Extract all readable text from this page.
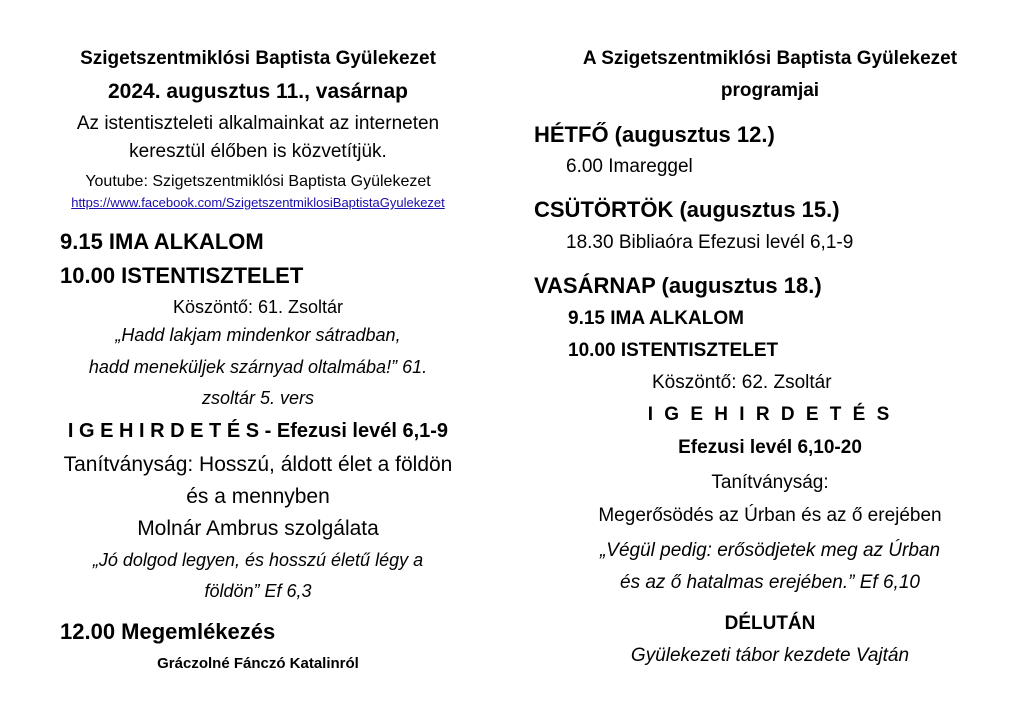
Szigetszentmiklósi Baptista Gyülekezet
2024. augusztus 11., vasárnap
Az istentiszteleti alkalmainkat az interneten
keresztül élőben is közvetítjük.
Youtube: Szigetszentmiklósi Baptista Gyülekezet
https://www.facebook.com/SzigetszentmiklosiBaptistaGyulekezet
9.15 IMA ALKALOM
10.00 ISTENTISZTELET
Köszöntő: 61. Zsoltár
„Hadd lakjam mindenkor sátradban,
hadd meneküljek szárnyad oltalmába!” 61.
zsoltár 5. vers
I G E H I R D E T É S - Efezusi levél 6,1-9
Tanítványság: Hosszú, áldott élet a földön
és a mennyben
Molnár Ambrus szolgálata
„Jó dolgod legyen, és hosszú életű légy a
földön” Ef 6,3
12.00 Megemlékezés
Gráczolné Fánczó Katalinról
A Szigetszentmiklósi Baptista Gyülekezet
programjai
HÉTFŐ (augusztus 12.)
6.00 Imareggel
CSÜTÖRTÖK (augusztus 15.)
18.30 Bibliaóra Efezusi levél 6,1-9
VASÁRNAP (augusztus 18.)
9.15 IMA ALKALOM
10.00 ISTENTISZTELET
Köszöntő: 62. Zsoltár
I G E H I R D E T É S
Efezusi levél 6,10-20
Tanítványság:
Megerősödés az Úrban és az ő erejében
„Végül pedig: erősödjetek meg az Úrban
és az ő hatalmas erejében.” Ef 6,10
DÉLUTÁN
Gyülekezeti tábor kezdete Vajtán
